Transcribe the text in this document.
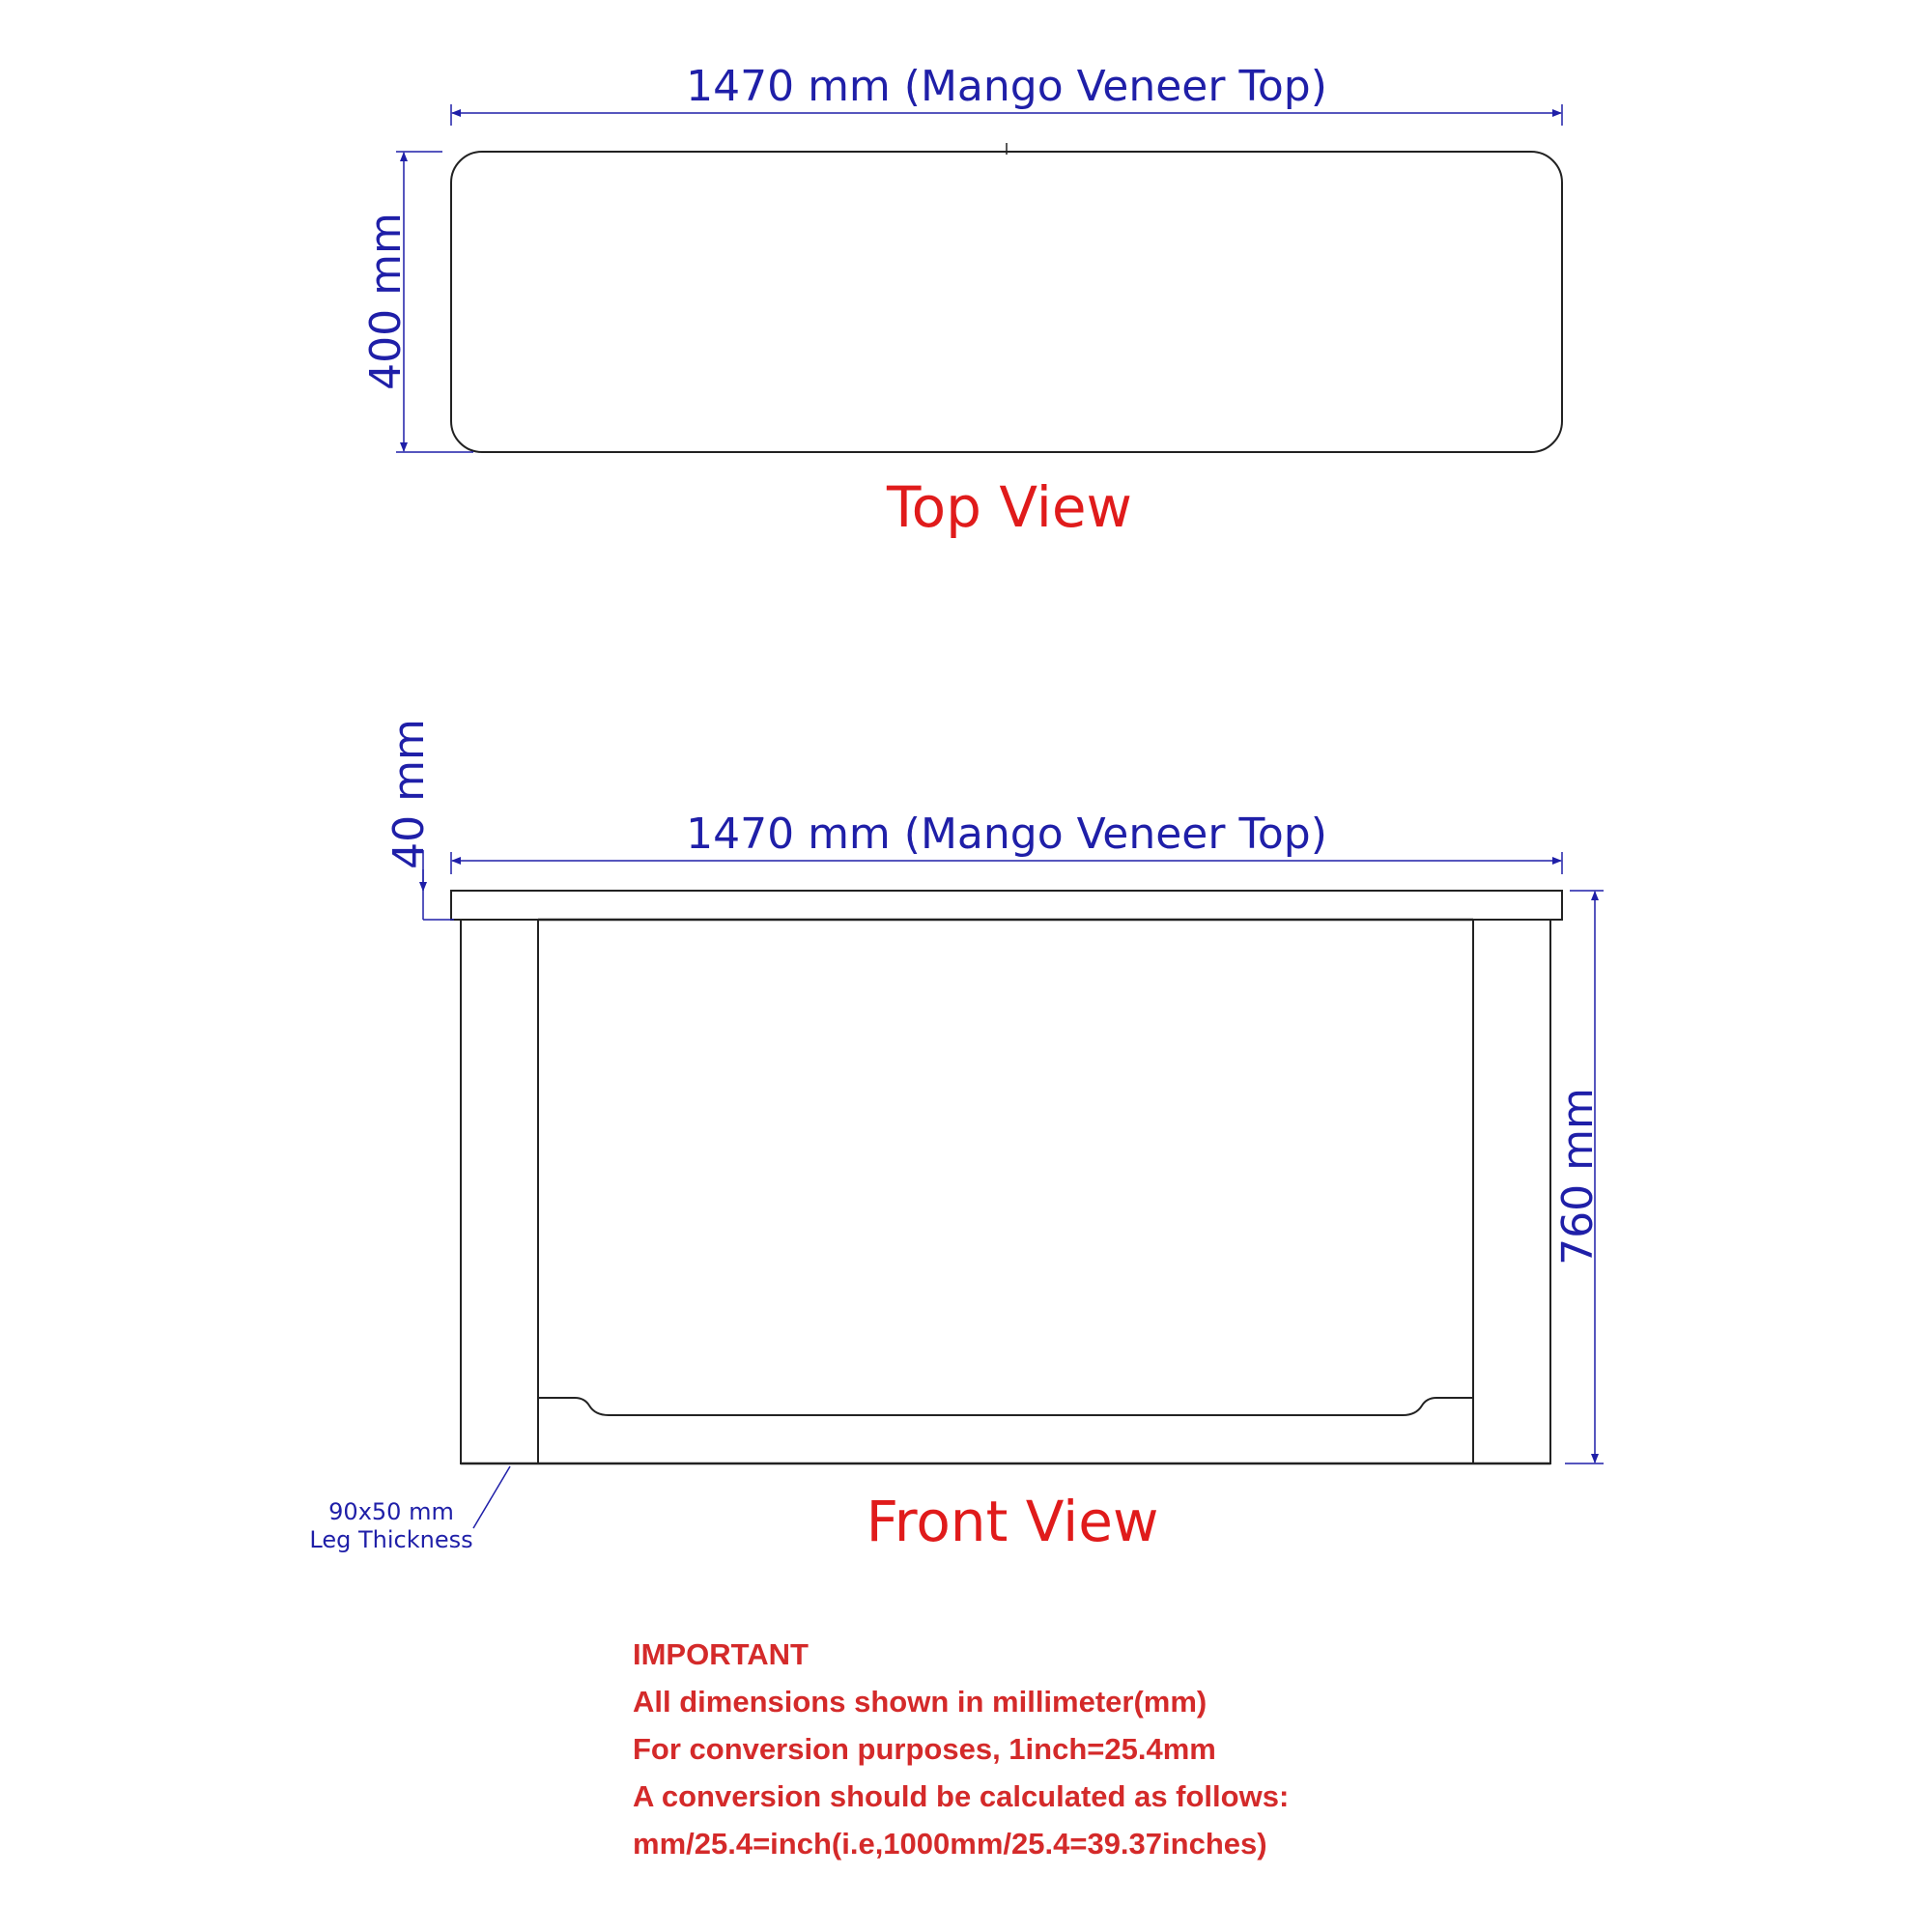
1470 mm (Mango Veneer Top)
400 mm
Top View
40 mm	1470 mm (Mango Veneer Top)
760 mm
90x50 mm
Leg Thickness	Front View
IMPORTANT
All dimensions shown in millimeter(mm)
For conversion purposes, 1inch=25.4mm
A conversion should be calculated as follows:
mm/25.4=inch(i.e,1000mm/25.4=39.37inches)
